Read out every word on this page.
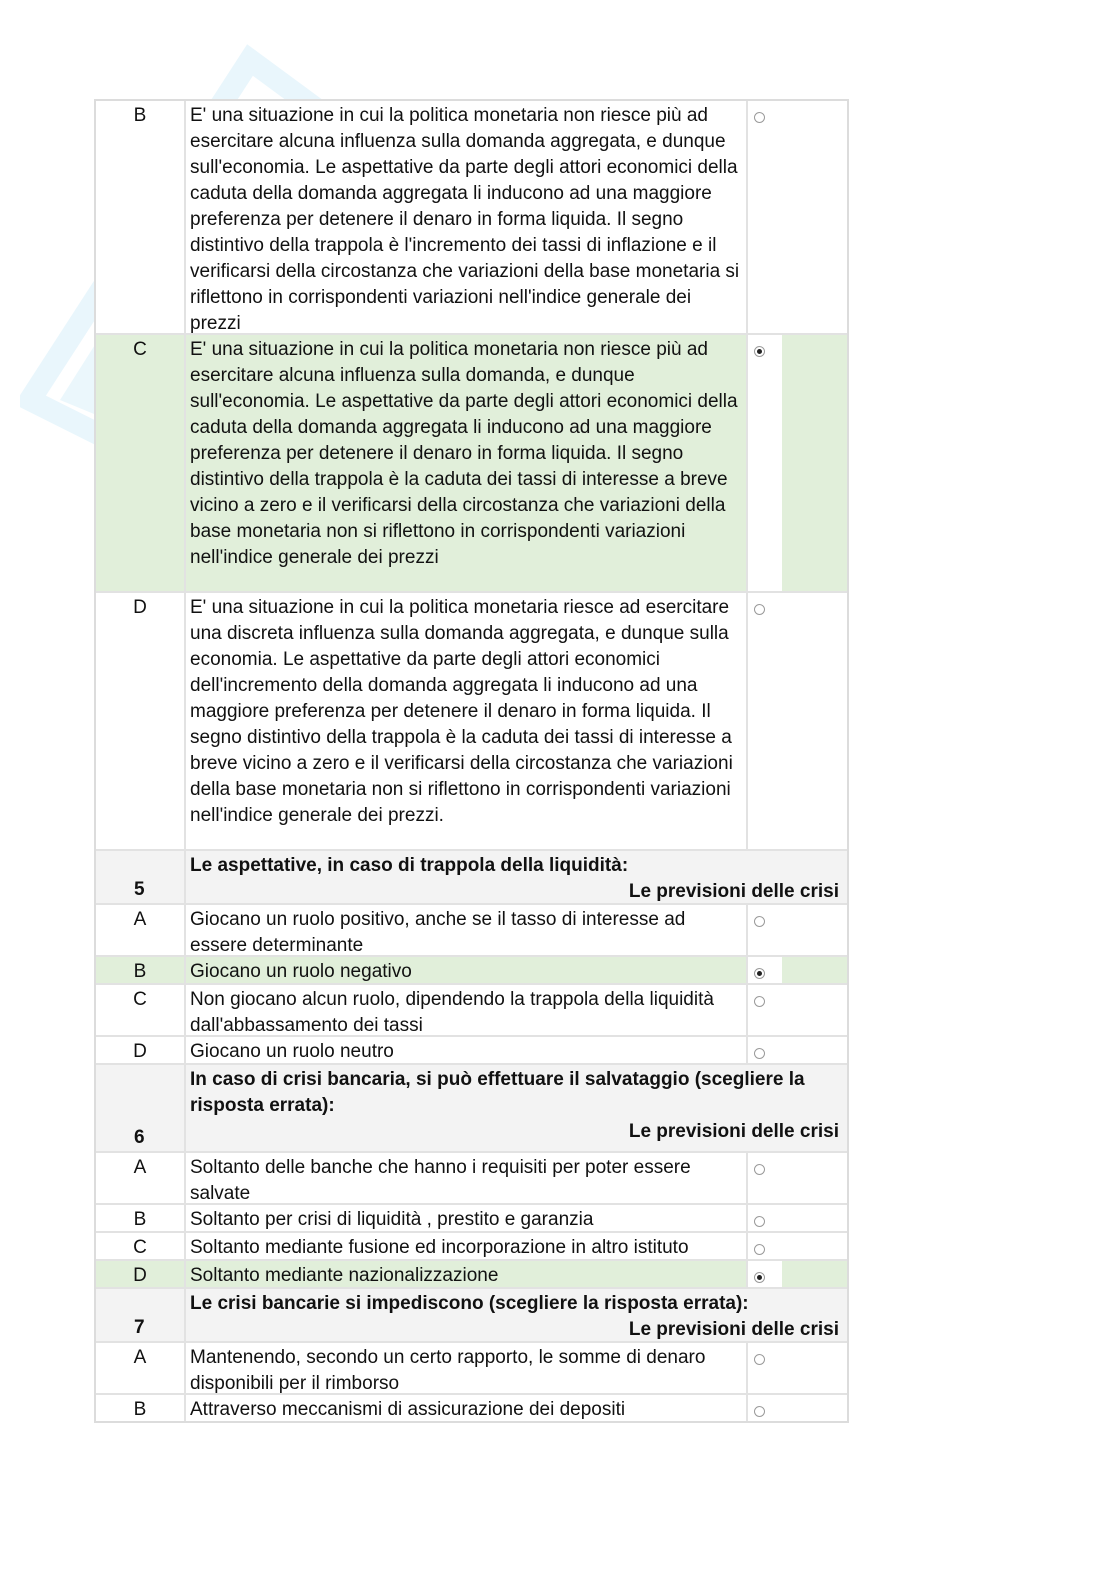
B	E' una situazione in cui la politica monetaria non riesce più ad esercitare alcuna influenza sulla domanda aggregata, e dunque sull'economia. Le aspettative da parte degli attori economici della caduta della domanda aggregata li inducono ad una maggiore preferenza per detenere il denaro in forma liquida. Il segno distintivo della trappola è l'incremento dei tassi di inflazione e il verificarsi della circostanza che variazioni della base monetaria si riflettono in corrispondenti variazioni nell'indice generale dei prezzi
C	E' una situazione in cui la politica monetaria non riesce più ad esercitare alcuna influenza sulla domanda, e dunque sull'economia. Le aspettative da parte degli attori economici della caduta della domanda aggregata li inducono ad una maggiore preferenza per detenere il denaro in forma liquida. Il segno distintivo della trappola è la caduta dei tassi di interesse a breve vicino a zero e il verificarsi della circostanza che variazioni della base monetaria non si riflettono in corrispondenti variazioni nell'indice generale dei prezzi
D	E' una situazione in cui la politica monetaria riesce ad esercitare una discreta influenza sulla domanda aggregata, e dunque sulla economia. Le aspettative da parte degli attori economici dell'incremento della domanda aggregata li inducono ad una maggiore preferenza per detenere il denaro in forma liquida. Il segno distintivo della trappola è la caduta dei tassi di interesse a breve vicino a zero e il verificarsi della circostanza che variazioni della base monetaria non si riflettono in corrispondenti variazioni nell'indice generale dei prezzi.
5
Le aspettative, in caso di trappola della liquidità:
Le previsioni delle crisi
A	Giocano un ruolo positivo, anche se il tasso di interesse ad essere determinante
B	Giocano un ruolo negativo
C	Non giocano alcun ruolo, dipendendo la trappola della liquidità dall'abbassamento dei tassi
D	Giocano un ruolo neutro
6
In caso di crisi bancaria, si può effettuare il salvataggio (scegliere la risposta errata):
Le previsioni delle crisi
A	Soltanto delle banche che hanno i requisiti per poter essere salvate
B	Soltanto per crisi di liquidità , prestito e garanzia
C	Soltanto mediante fusione ed incorporazione in altro istituto
D	Soltanto mediante nazionalizzazione
7
Le crisi bancarie si impediscono (scegliere la risposta errata):
Le previsioni delle crisi
A	Mantenendo, secondo un certo rapporto, le somme di denaro disponibili per il rimborso
B	Attraverso meccanismi di assicurazione dei depositi
